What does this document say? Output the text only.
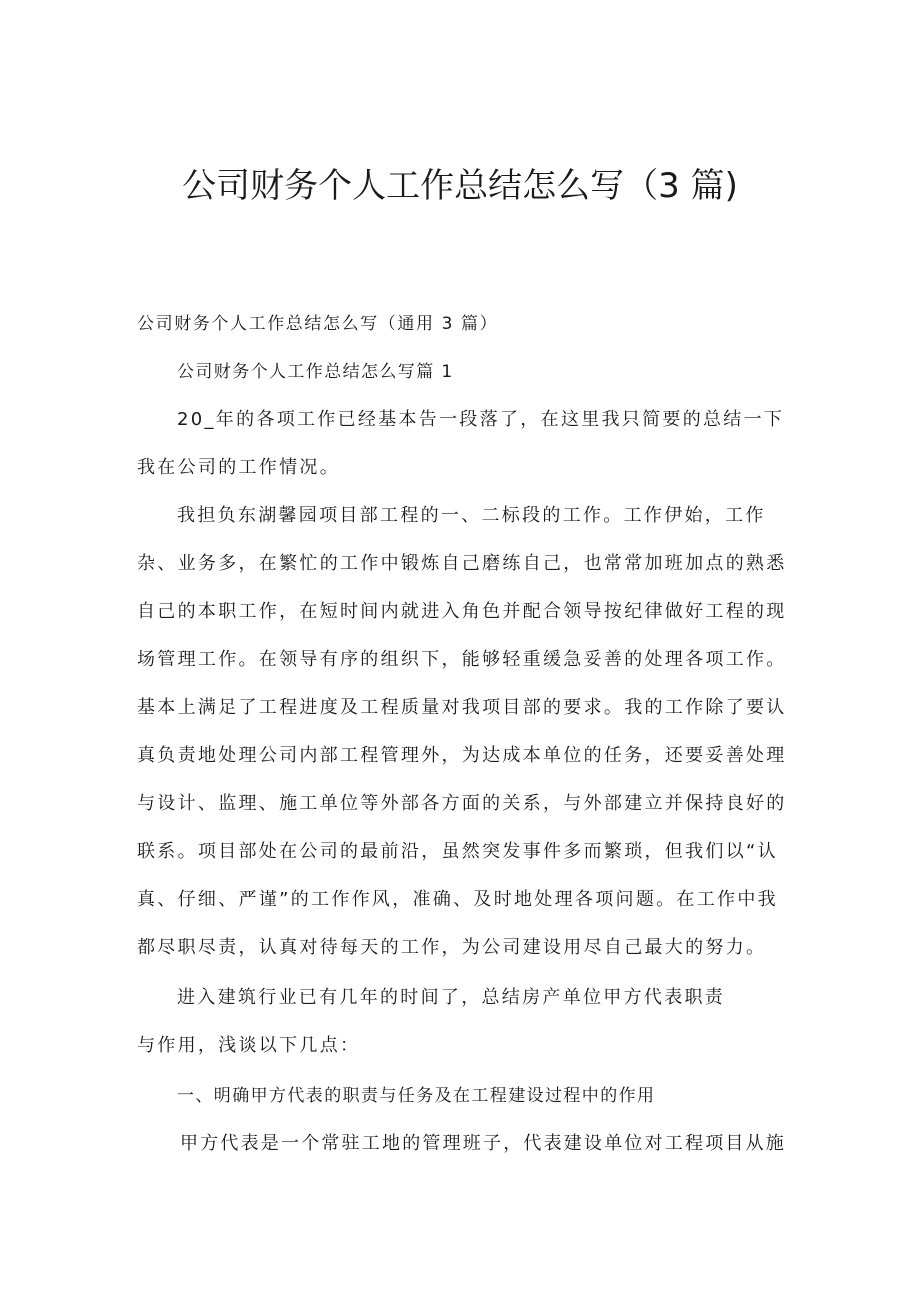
公司财务个人工作总结怎么写（3 篇)
公司财务个人工作总结怎么写（通用 3 篇）
公司财务个人工作总结怎么写篇 1
20_年的各项工作已经基本告一段落了，在这里我只简要的总结一下
我在公司的工作情况。
我担负东湖馨园项目部工程的一、二标段的工作。工作伊始，工作
杂、业务多，在繁忙的工作中锻炼自己磨练自己，也常常加班加点的熟悉
自己的本职工作，在短时间内就进入角色并配合领导按纪律做好工程的现
场管理工作。在领导有序的组织下，能够轻重缓急妥善的处理各项工作。
基本上满足了工程进度及工程质量对我项目部的要求。我的工作除了要认
真负责地处理公司内部工程管理外，为达成本单位的任务，还要妥善处理
与设计、监理、施工单位等外部各方面的关系，与外部建立并保持良好的
联系。项目部处在公司的最前沿，虽然突发事件多而繁琐，但我们以“认
真、仔细、严谨”的工作作风，准确、及时地处理各项问题。在工作中我
都尽职尽责，认真对待每天的工作，为公司建设用尽自己最大的努力。
进入建筑行业已有几年的时间了，总结房产单位甲方代表职责
与作用，浅谈以下几点：
一、明确甲方代表的职责与任务及在工程建设过程中的作用
甲方代表是一个常驻工地的管理班子，代表建设单位对工程项目从施
